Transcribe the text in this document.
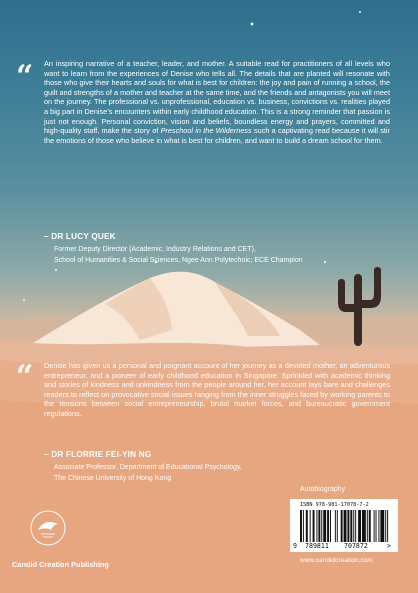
“ An inspiring narrative of a teacher, leader, and mother. A suitable read for practitioners of all levels who want to learn from the experiences of Denise who tells all. The details that are planted will resonate with those who give their hearts and souls for what is best for children: the joy and pain of running a school, the guilt and strengths of a mother and teacher at the same time, and the friends and antagonists you will meet on the journey. The professional vs. unprofessional, education vs. business, convictions vs. realities played a big part in Denise’s encounters within early childhood education. This is a strong reminder that passion is just not enough. Personal conviction, vision and beliefs, boundless energy and prayers, committed and high-quality staff, make the story of Preschool in the Wilderness such a captivating read because it will stir the emotions of those who believe in what is best for children, and want to build a dream school for them.
– DR LUCY QUEK
Former Deputy Director (Academic, Industry Relations and CET),
School of Humanities & Social Sciences, Ngee Ann Polytechnic; ECE Champion
“ Denise has given us a personal and poignant account of her journey as a devoted mother, an adventurous entrepreneur, and a pioneer of early childhood education in Singapore. Sprinkled with academic thinking and stories of kindness and unkindness from the people around her, her account lays bare and challenges readers to reflect on provocative social issues ranging from the inner struggles faced by working parents to the tensions between social entrepreneurship, brutal market forces, and bureaucratic government regulations.
– DR FLORRIE FEI-YIN NG
Associate Professor, Department of Educational Psychology,
The Chinese University of Hong Kong
Autobiography
ISBN 978-981-17078-7-2
9 789811 707872	>
www.candidcreation.com
Candid Creation Publishing
